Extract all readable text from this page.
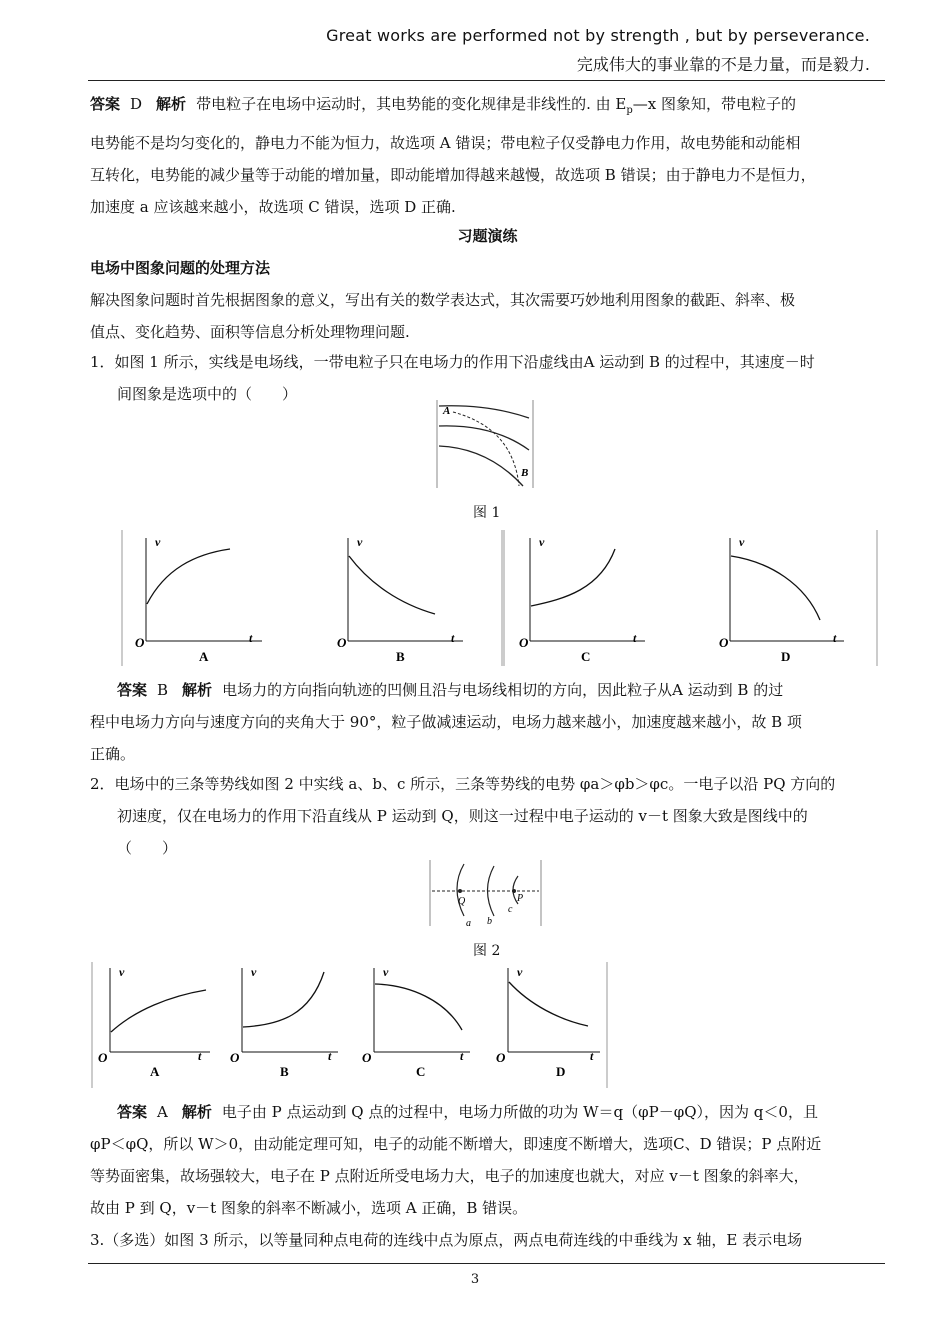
Great works are performed not by strength , but by perseverance.
完成伟大的事业靠的不是力量，而是毅力.
答案 D 解析 带电粒子在电场中运动时，其电势能的变化规律是非线性的. 由 $E_p—x$ 图象知，带电粒子的
电势能不是均匀变化的，静电力不能为恒力，故选项 A 错误；带电粒子仅受静电力作用，故电势能和动能相
互转化，电势能的减少量等于动能的增加量，即动能增加得越来越慢，故选项 B 错误；由于静电力不是恒力，
加速度 a 应该越来越小，故选项 C 错误，选项 D 正确.
习题演练
电场中图象问题的处理方法
解决图象问题时首先根据图象的意义，写出有关的数学表达式，其次需要巧妙地利用图象的截距、斜率、极
值点、变化趋势、面积等信息分析处理物理问题.
1．如图 1 所示，实线是电场线，一带电粒子只在电场力的作用下沿虚线由A 运动到 B 的过程中，其速度－时
间图象是选项中的（　　）
A
B
图 1
v
t
O
A
v
t
O
B
v
t
O
C
v
t
O
D
答案 B 解析 电场力的方向指向轨迹的凹侧且沿与电场线相切的方向，因此粒子从A 运动到 B 的过
程中电场力方向与速度方向的夹角大于 90°，粒子做减速运动，电场力越来越小，加速度越来越小，故 B 项
正确。
2．电场中的三条等势线如图 2 中实线 a、b、c 所示，三条等势线的电势 φa＞φb＞φc。一电子以沿 PQ 方向的
初速度，仅在电场力的作用下沿直线从 P 运动到 Q，则这一过程中电子运动的 v－t 图象大致是图线中的
（　　）
Q	P
a b
c
图 2
v
t
O
A
v
t
O
B
v
t
O
C
v
t
O
D
答案 A 解析 电子由 P 点运动到 Q 点的过程中，电场力所做的功为 W＝q（φP－φQ），因为 q＜0，且
φP＜φQ，所以 W＞0，由动能定理可知，电子的动能不断增大，即速度不断增大，选项C、D 错误；P 点附近
等势面密集，故场强较大，电子在 P 点附近所受电场力大，电子的加速度也就大，对应 v－t 图象的斜率大，
故由 P 到 Q，v－t 图象的斜率不断减小，选项 A 正确，B 错误。
3.（多选）如图 3 所示，以等量同种点电荷的连线中点为原点，两点电荷连线的中垂线为 x 轴，E 表示电场
3
